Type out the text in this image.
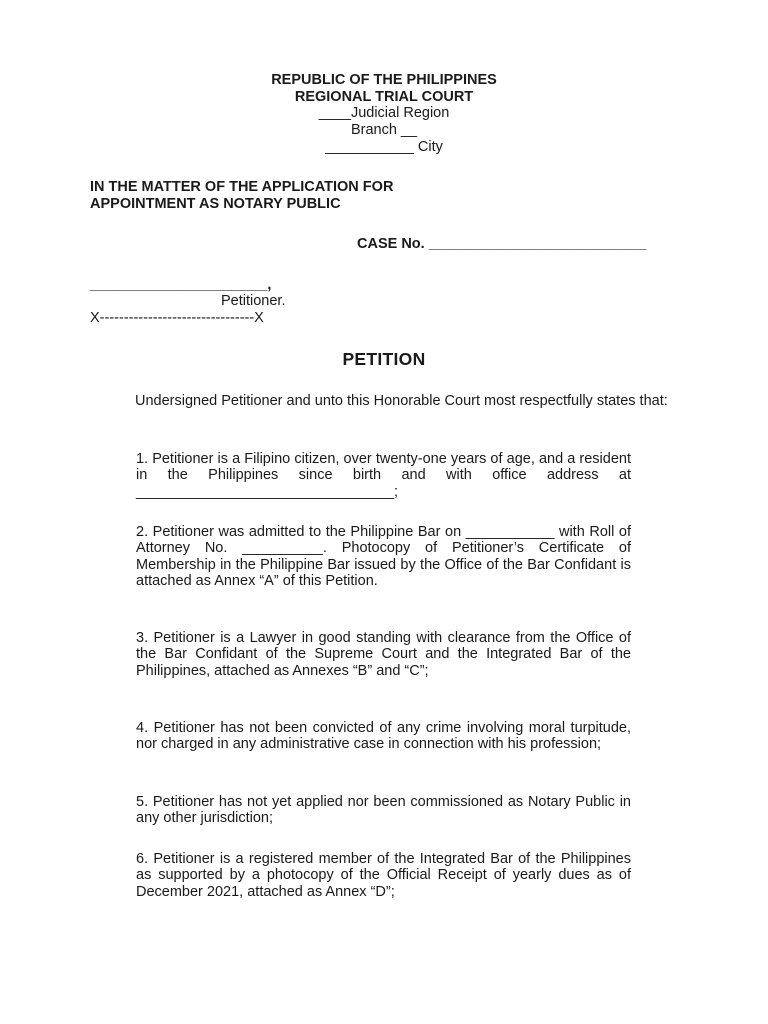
REPUBLIC OF THE PHILIPPINES
REGIONAL TRIAL COURT
____Judicial Region
Branch __
___________ City
IN THE MATTER OF THE APPLICATION FOR
APPOINTMENT AS NOTARY PUBLIC
CASE No. ___________________________
______________________,
Petitioner.
X--------------------------------X
PETITION
Undersigned Petitioner and unto this Honorable Court most respectfully states that:
1. Petitioner is a Filipino citizen, over twenty-one years of age, and a resident in the Philippines since birth and with office address at ________________________________;
2. Petitioner was admitted to the Philippine Bar on ___________ with Roll of Attorney No. __________. Photocopy of Petitioner’s Certificate of Membership in the Philippine Bar issued by the Office of the Bar Confidant is attached as Annex “A” of this Petition.
3. Petitioner is a Lawyer in good standing with clearance from the Office of the Bar Confidant of the Supreme Court and the Integrated Bar of the Philippines, attached as Annexes “B” and “C”;
4. Petitioner has not been convicted of any crime involving moral turpitude, nor charged in any administrative case in connection with his profession;
5. Petitioner has not yet applied nor been commissioned as Notary Public in any other jurisdiction;
6. Petitioner is a registered member of the Integrated Bar of the Philippines as supported by a photocopy of the Official Receipt of yearly dues as of December 2021, attached as Annex “D”;
